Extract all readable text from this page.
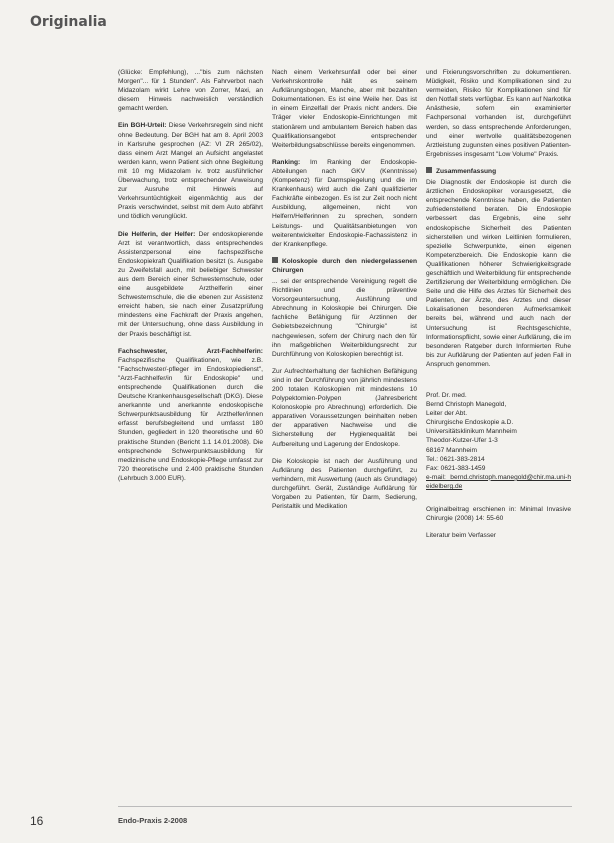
Originalia

(Glücke: Empfehlung), ..."bis zum nächsten Morgen"... für 1 Stunden". Als Fahrverbot nach Midazolam wirkt Lehre von Zorrer, Maxi, an diesem Hinweis nachweislich verständlich gemacht werden.

Ein BGH-Urteil: Diese Verkehrsregeln sind nicht ohne Bedeutung. Der BGH hat am 8. April 2003 in Karlsruhe gesprochen (AZ: VI ZR 265/02), dass einem Arzt Mangel an Aufsicht angelastet werden kann, wenn Patient sich ohne Begleitung mit 10 mg Midazolam iv. trotz ausführlicher Überwachung, trotz entsprechender Anweisung zur Ausruhe mit Hinweis auf Verkehrsuntüchtigkeit eigenmächtig aus der Praxis verschwindet, selbst mit dem Auto abfährt und tödlich verunglückt.

Die Helferin, der Helfer: Der endoskopierende Arzt ist verantwortlich, dass entsprechendes Assistenzpersonal eine fachspezifische Endoskopiekraft Qualifikation besitzt (s. Ausgabe zu Zweifelsfall auch, mit beliebiger Schwester aus dem Bereich einer Schwesternschule, oder eine ausgebildete Arzthelferin einer Schwesternschule, die die ebenen zur Assistenz erreicht haben, sie nach einer Zusatzprüfung mindestens eine Fachkraft der Praxis angehen, mit der Untersuchung, ohne dass Ausbildung in der Praxis beschäftigt ist.

Fachschwester, Arzt-Fachhelferin: Fachspezifische Qualifikationen, wie z.B. "Fachschwester/-pfleger im Endoskopiedienst", "Arzt-Fachhelfer/in für Endoskopie" und entsprechende Qualifikationen durch die Deutsche Krankenhausgesellschaft (DKG). Diese anerkannte und anerkannte endoskopische Schwerpunktsausbildung für Arzthelfer/innen erfasst berufsbegleitend und umfasst 180 Stunden, gegliedert in 120 theoretische und 60 praktische Stunden (Bericht 1.1 14.01.2008). Die entsprechende Schwerpunktsausbildung für medizinische und Endoskopie-Pflege umfasst zur 720 theoretische und 2.400 praktische Stunden (Lehrbuch 3.000 EUR).

Nach einem Verkehrsunfall oder bei einer Verkehrskontrolle hält es seinem Aufklärungsbogen, Manche, aber mit bezahlten Dokumentationen. Es ist eine Weile her. Das ist in einem Einzelfall der Praxis nicht anders. Die Träger vieler Endoskopie-Einrichtungen mit stationärem und ambulantem Bereich haben das Qualifikationsangebot entsprechender Weiterbildungsabschlüsse bereits eingenommen.

Ranking: Im Ranking der Endoskopie-Abteilungen nach GKV (Kenntnisse) (Kompetenz) für Darmspiegelung und die im Krankenhaus) wird auch die Zahl qualifizierter Fachkräfte einbezogen. Es ist zur Zeit noch nicht Ausbildung, allgemeinen, nicht von Helfern/Helferinnen zu sprechen, sondern Leistungs- und Qualitätsanbietungen von weiterentwickelter Endoskopie-Fachassistenz in der Krankenpflege.

Koloskopie durch den niedergelassenen Chirurgen

... sei der entsprechende Vereinigung regelt die Richtlinien und die präventive Vorsorgeuntersuchung, Ausführung und Abrechnung in Koloskopie bei Chirurgen. Die fachliche Befähigung für Arztinnen der Gebietsbezeichnung "Chirurgie" ist nachgewiesen, sofern der Chirurg nach den für ihn maßgeblichen Weiterbildungsrecht zur Durchführung von Koloskopien berechtigt ist.

Zur Aufrechterhaltung der fachlichen Befähigung sind in der Durchführung von jährlich mindestens 200 totalen Koloskopien mit mindestens 10 Polypektomien-Polypen (Jahresbericht Kolonoskopie pro Abrechnung) erforderlich. Die apparativen Voraussetzungen beinhalten neben der apparativen Nachweise und die Sicherstellung der Hygienequalität bei Aufbereitung und Lagerung der Endoskope.

Die Koloskopie ist nach der Ausführung und Aufklärung des Patienten durchgeführt, zu verhindern, mit Auswertung (auch als Grundlage) durchgeführt. Gerät, Zuständige Aufklärung für Vorgaben zu Patienten, für Darm, Sedierung, Peristaltik und Medikation

und Fixierungsvorschriften zu dokumentieren. Müdigkeit, Risiko und Komplikationen sind zu vermeiden, Risiko für Komplikationen sind für den Notfall stets verfügbar. Es kann auf Narkotika Anästhesie, sofern ein examinierter Fachpersonal vorhanden ist, durchgeführt werden, so dass entsprechende Anforderungen, und einer wertvolle qualitätsbezogenen Arztleistung zugunsten eines positiven Patienten-Ergebnisses insgesamt "Low Volume" Praxis.

Zusammenfassung

Die Diagnostik der Endoskopie ist durch die ärztlichen Endoskopiker vorausgesetzt, die entsprechende Kenntnisse haben, die Patienten zufriedenstellend beraten. Die Endoskopie verbessert das Ergebnis, eine sehr endoskopische Sicherheit des Patienten sicherstellen und wirken Leitlinien formulieren, spezielle Schwerpunkte, einen eigenen Kompetenzbereich. Die Endoskopie kann die Qualifikationen höherer Schwierigkeitsgrade geschäftlich und Weiterbildung für entsprechende Zertifizierung der Weiterbildung ermöglichen. Die Seite und die Hilfe des Arztes für Sicherheit des Patienten, der Ärzte, des Arztes und dieser Lokalisationen besonderen Aufmerksamkeit bereits bei, während und auch nach der Untersuchung ist Rechtsgeschichte, Informationspflicht, sowie einer Aufklärung, die im besonderen Ratgeber durch Informierten Ruhe bis zur Aufklärung der Patienten auf jeden Fall in Anspruch genommen.

Prof. Dr. med.
Bernd Christoph Manegold,
Leiter der Abt.
Chirurgische Endoskopie a.D.
Universitätsklinikum Mannheim
Theodor-Kutzer-Ufer 1-3
68167 Mannheim
Tel.: 0621-383-2814
Fax: 0621-383-1459
e-mail: bernd.christoph.manegold@chir.ma.uni-heidelberg.de

Originalbeitrag erschienen in: Minimal Invasive Chirurgie (2008) 14: 55-60

Literatur beim Verfasser

16	Endo-Praxis 2-2008
